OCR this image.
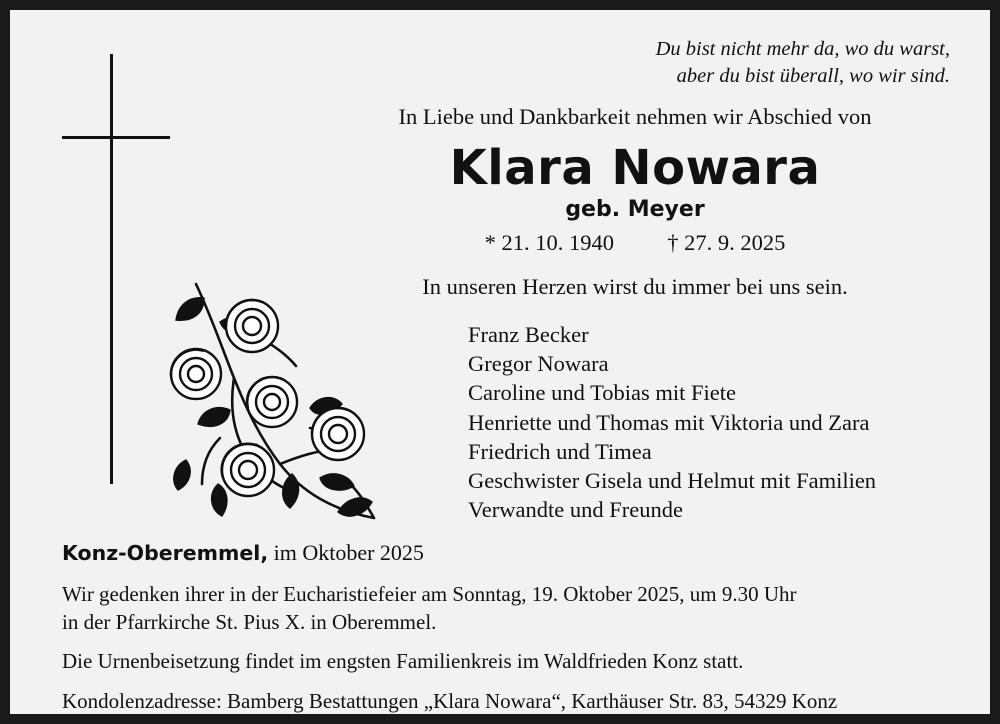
Du bist nicht mehr da, wo du warst,
aber du bist überall, wo wir sind.
In Liebe und Dankbarkeit nehmen wir Abschied von
Klara Nowara
geb. Meyer
* 21. 10. 1940 † 27. 9. 2025
In unseren Herzen wirst du immer bei uns sein.
Franz Becker
Gregor Nowara
Caroline und Tobias mit Fiete
Henriette und Thomas mit Viktoria und Zara
Friedrich und Timea
Geschwister Gisela und Helmut mit Familien
Verwandte und Freunde
Konz-Oberemmel, im Oktober 2025
Wir gedenken ihrer in der Eucharistiefeier am Sonntag, 19. Oktober 2025, um 9.30 Uhr
in der Pfarrkirche St. Pius X. in Oberemmel.
Die Urnenbeisetzung findet im engsten Familienkreis im Waldfrieden Konz statt.
Kondolenzadresse: Bamberg Bestattungen „Klara Nowara“, Karthäuser Str. 83, 54329 Konz
